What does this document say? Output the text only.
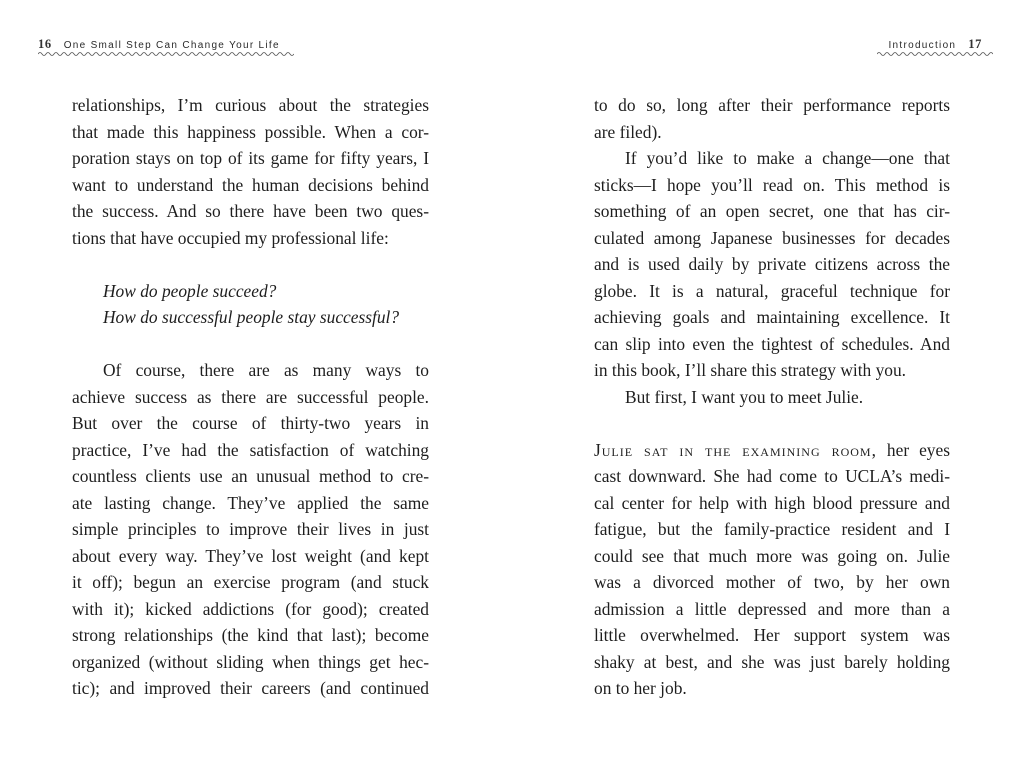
16 One Small Step Can Change Your Life
relationships, I’m curious about the strategies
that made this happiness possible. When a cor-
poration stays on top of its game for fifty years, I
want to understand the human decisions behind
the success. And so there have been two ques-
tions that have occupied my professional life:
How do people succeed?
How do successful people stay successful?
Of course, there are as many ways to
achieve success as there are successful people.
But over the course of thirty-two years in
practice, I’ve had the satisfaction of watching
countless clients use an unusual method to cre-
ate lasting change. They’ve applied the same
simple principles to improve their lives in just
about every way. They’ve lost weight (and kept
it off); begun an exercise program (and stuck
with it); kicked addictions (for good); created
strong relationships (the kind that last); become
organized (without sliding when things get hec-
tic); and improved their careers (and continued
Introduction 17
to do so, long after their performance reports
are filed).
If you’d like to make a change—one that
sticks—I hope you’ll read on. This method is
something of an open secret, one that has cir-
culated among Japanese businesses for decades
and is used daily by private citizens across the
globe. It is a natural, graceful technique for
achieving goals and maintaining excellence. It
can slip into even the tightest of schedules. And
in this book, I’ll share this strategy with you.
But first, I want you to meet Julie.
Julie sat in the examining room, her eyes
cast downward. She had come to UCLA’s medi-
cal center for help with high blood pressure and
fatigue, but the family-practice resident and I
could see that much more was going on. Julie
was a divorced mother of two, by her own
admission a little depressed and more than a
little overwhelmed. Her support system was
shaky at best, and she was just barely holding
on to her job.
